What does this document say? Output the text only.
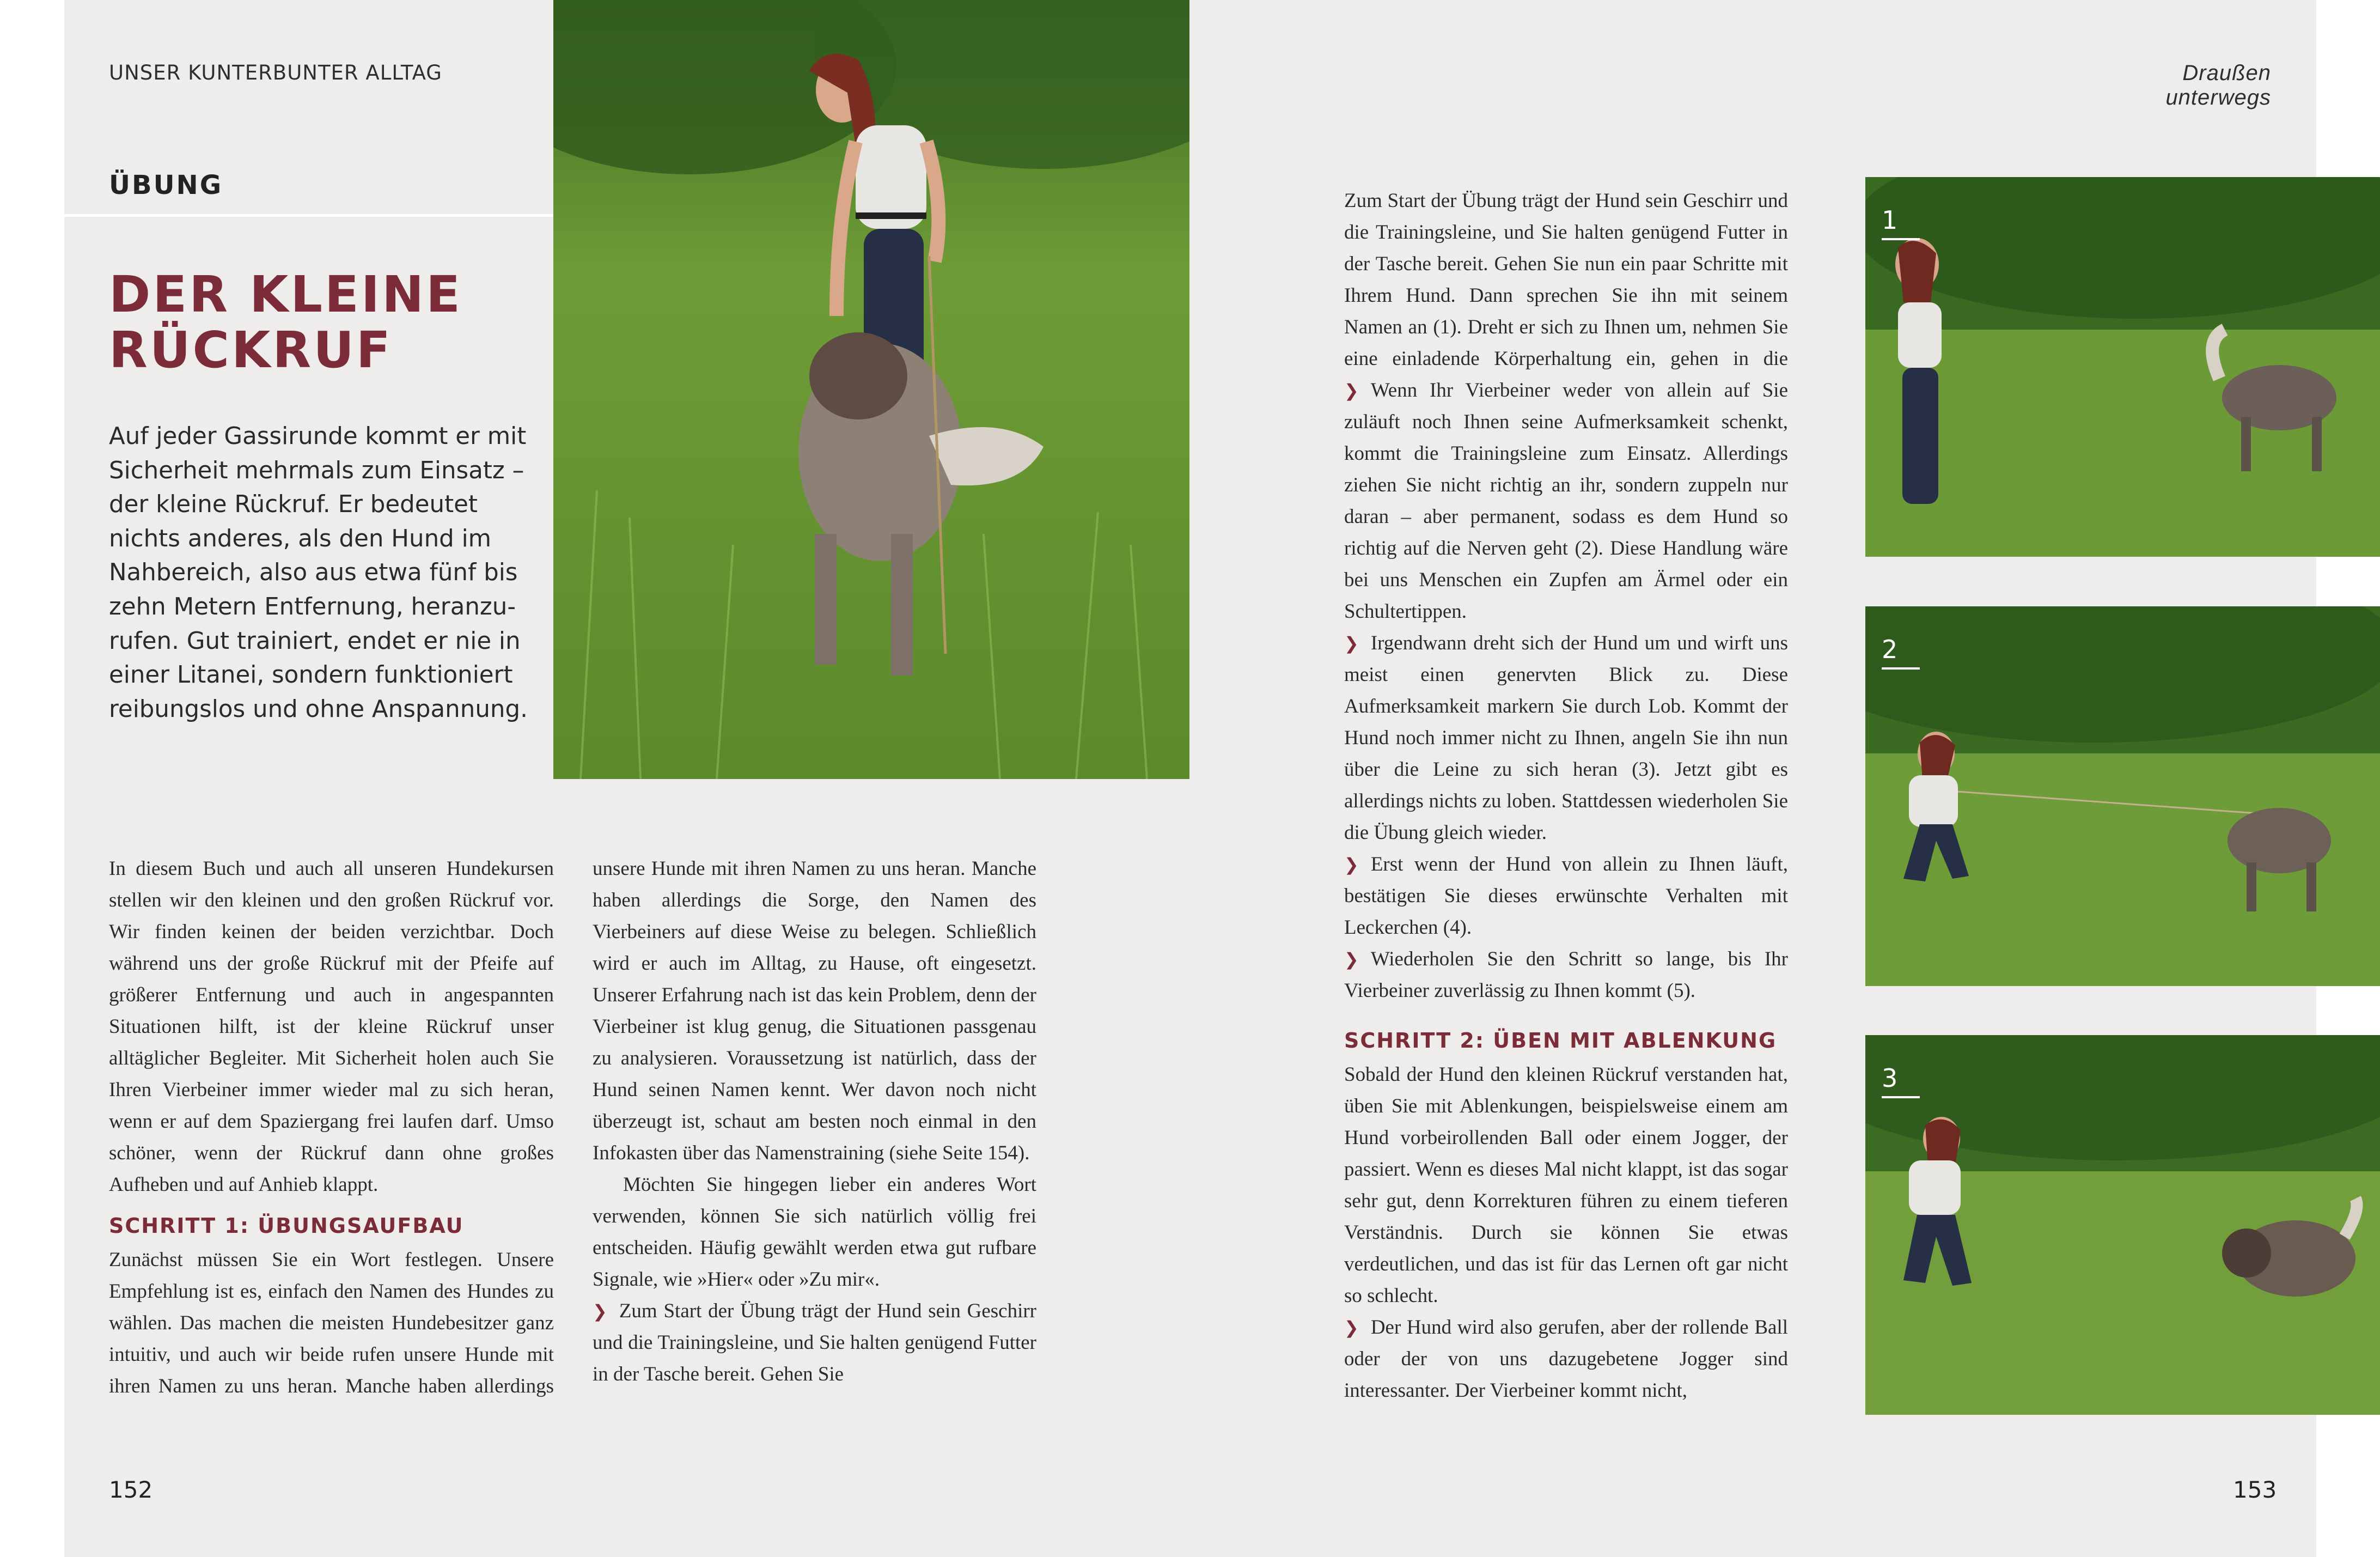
UNSER KUNTERBUNTER ALLTAG	Draußen unterwegs
ÜBUNG
DER KLEINE RÜCKRUF

Auf jeder Gassirunde kommt er mit Sicherheit mehrmals zum Einsatz – der kleine Rückruf. Er bedeutet nichts anderes, als den Hund im Nahbereich, also aus etwa fünf bis zehn Metern Entfernung, heranzurufen. Gut trainiert, endet er nie in einer Litanei, sondern funktioniert reibungslos und ohne Anspannung.

1
2
3

In diesem Buch und auch all unseren Hundekursen stellen wir den kleinen und den großen Rückruf vor. Wir finden keinen der beiden verzichtbar. Doch während uns der große Rückruf mit der Pfeife auf größerer Entfernung und auch in angespannten Situationen hilft, ist der kleine Rückruf unser alltäglicher Begleiter. Mit Sicherheit holen auch Sie Ihren Vierbeiner immer wieder mal zu sich heran, wenn er auf dem Spaziergang frei laufen darf. Umso schöner, wenn der Rückruf dann ohne großes Aufheben und auf Anhieb klappt.

SCHRITT 1: ÜBUNGSAUFBAU

Zunächst müssen Sie ein Wort festlegen. Unsere Empfehlung ist es, einfach den Namen des Hundes zu wählen. Das machen die meisten Hundebesitzer ganz intuitiv, und auch wir beide rufen unsere Hunde mit ihren Namen zu uns heran. Manche haben allerdings

unsere Hunde mit ihren Namen zu uns heran. Manche haben allerdings die Sorge, den Namen des Vierbeiners auf diese Weise zu belegen. Schließlich wird er auch im Alltag, zu Hause, oft eingesetzt. Unserer Erfahrung nach ist das kein Problem, denn der Vierbeiner ist klug genug, die Situationen passgenau zu analysieren. Voraussetzung ist natürlich, dass der Hund seinen Namen kennt. Wer davon noch nicht überzeugt ist, schaut am besten noch einmal in den Infokasten über das Namenstraining (siehe Seite 154).

Möchten Sie hingegen lieber ein anderes Wort verwenden, können Sie sich natürlich völlig frei entscheiden. Häufig gewählt werden etwa gut rufbare Signale, wie »Hier« oder »Zu mir«.

❯ Zum Start der Übung trägt der Hund sein Geschirr und die Trainingsleine, und Sie halten genügend Futter in der Tasche bereit. Gehen Sie

Zum Start der Übung trägt der Hund sein Geschirr und die Trainingsleine, und Sie halten genügend Futter in der Tasche bereit. Gehen Sie nun ein paar Schritte mit Ihrem Hund. Dann sprechen Sie ihn mit seinem Namen an (1). Dreht er sich zu Ihnen um, nehmen Sie eine einladende Körperhaltung ein, gehen in die

❯ Wenn Ihr Vierbeiner weder von allein auf Sie zuläuft noch Ihnen seine Aufmerksamkeit schenkt, kommt die Trainingsleine zum Einsatz. Allerdings ziehen Sie nicht richtig an ihr, sondern zuppeln nur daran – aber permanent, sodass es dem Hund so richtig auf die Nerven geht (2). Diese Handlung wäre bei uns Menschen ein Zupfen am Ärmel oder ein Schultertippen.

❯ Irgendwann dreht sich der Hund um und wirft uns meist einen genervten Blick zu. Diese Aufmerksamkeit markern Sie durch Lob. Kommt der Hund noch immer nicht zu Ihnen, angeln Sie ihn nun über die Leine zu sich heran (3). Jetzt gibt es allerdings nichts zu loben. Stattdessen wiederholen Sie die Übung gleich wieder.

❯ Erst wenn der Hund von allein zu Ihnen läuft, bestätigen Sie dieses erwünschte Verhalten mit Leckerchen (4).

❯ Wiederholen Sie den Schritt so lange, bis Ihr Vierbeiner zuverlässig zu Ihnen kommt (5).

SCHRITT 2: ÜBEN MIT ABLENKUNG

Sobald der Hund den kleinen Rückruf verstanden hat, üben Sie mit Ablenkungen, beispielsweise einem am Hund vorbeirollenden Ball oder einem Jogger, der passiert. Wenn es dieses Mal nicht klappt, ist das sogar sehr gut, denn Korrekturen führen zu einem tieferen Verständnis. Durch sie können Sie etwas verdeutlichen, und das ist für das Lernen oft gar nicht so schlecht.

❯ Der Hund wird also gerufen, aber der rollende Ball oder der von uns dazugebetene Jogger sind interessanter. Der Vierbeiner kommt nicht,

152	153
